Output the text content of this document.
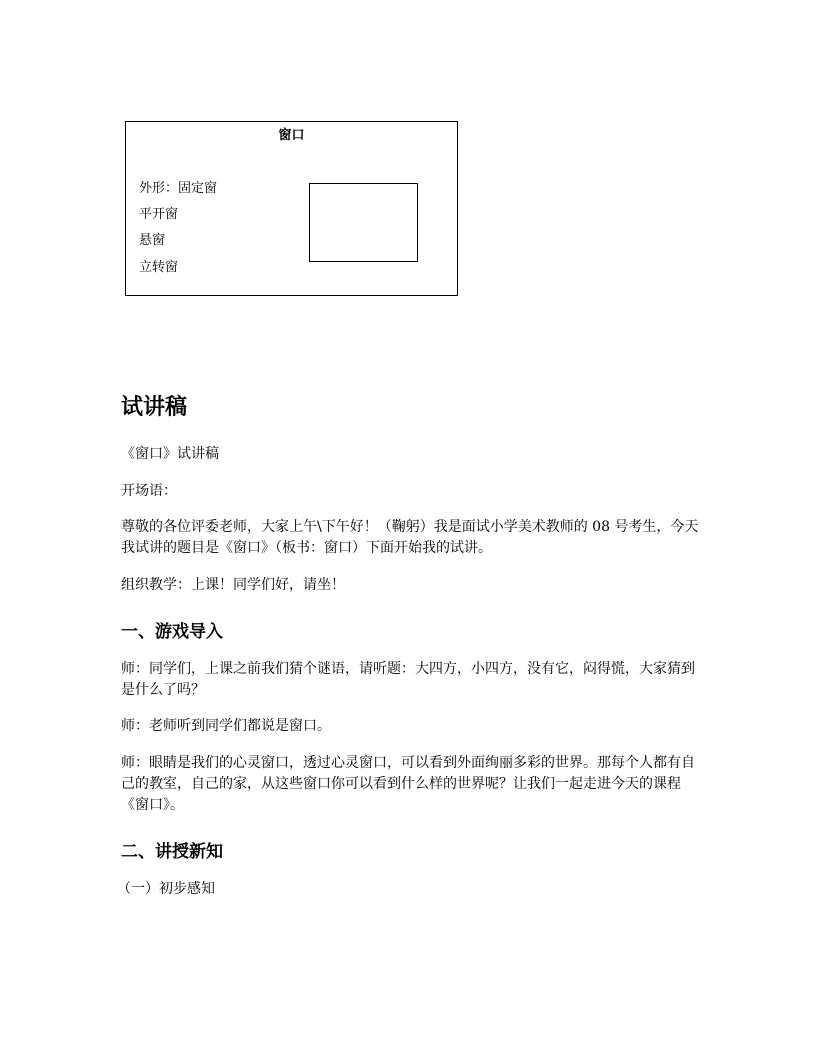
窗口
外形：固定窗
平开窗
悬窗
立转窗
试讲稿
《窗口》试讲稿
开场语：
尊敬的各位评委老师，大家上午\下午好！（鞠躬）我是面试小学美术教师的 08 号考生，今天我试讲的题目是《窗口》（板书：窗口）下面开始我的试讲。
组织教学：上课！同学们好，请坐！
一、游戏导入
师：同学们，上课之前我们猜个谜语，请听题：大四方，小四方，没有它，闷得慌，大家猜到是什么了吗？
师：老师听到同学们都说是窗口。
师：眼睛是我们的心灵窗口，透过心灵窗口，可以看到外面绚丽多彩的世界。那每个人都有自己的教室，自己的家，从这些窗口你可以看到什么样的世界呢？让我们一起走进今天的课程《窗口》。
二、讲授新知
（一）初步感知
